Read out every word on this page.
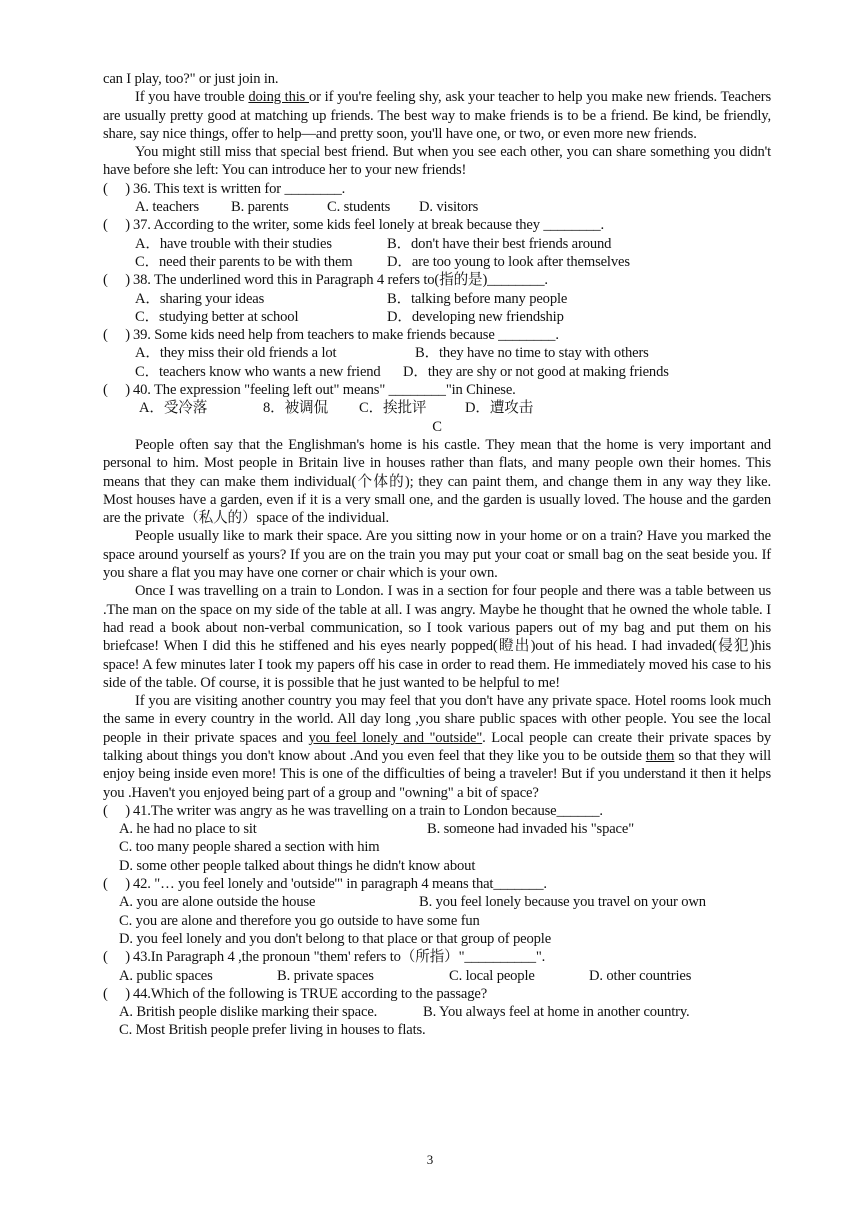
can I play, too?" or just join in.

If you have trouble doing this or if you're feeling shy, ask your teacher to help you make new friends. Teachers are usually pretty good at matching up friends. The best way to make friends is to be a friend. Be kind, be friendly, share, say nice things, offer to help—and pretty soon, you'll have one, or two, or even more new friends.

You might still miss that special best friend. But when you see each other, you can share something you didn't have before she left: You can introduce her to your new friends!

(     ) 36. This text is written for ________.

A. teachers	B. parents	C. students	D. visitors

(     ) 37. According to the writer, some kids feel lonely at break because they ________.

A．have trouble with their studies	B．don't have their best friends around
C．need their parents to be with them	D．are too young to look after themselves

(     ) 38. The underlined word this in Paragraph 4 refers to(指的是)________.

A．sharing your ideas	B．talking before many people
C．studying better at school	D．developing new friendship

(     ) 39. Some kids need help from teachers to make friends because ________.

A．they miss their old friends a lot	B．they have no time to stay with others
C．teachers know who wants a new friend	D．they are shy or not good at making friends

(     ) 40. The expression "feeling left out" means" ________"in Chinese.

A．受冷落	8．被调侃	C．挨批评	D．遭攻击

C

People often say that the Englishman's home is his castle. They mean that the home is very important and personal to him. Most people in Britain live in houses rather than flats, and many people own their homes. This means that they can make them individual(个体的); they can paint them, and change them in any way they like. Most houses have a garden, even if it is a very small one, and the garden is usually loved. The house and the garden are the private（私人的）space of the individual.

People usually like to mark their space. Are you sitting now in your home or on a train? Have you marked the space around yourself as yours? If you are on the train you may put your coat or small bag on the seat beside you. If you share a flat you may have one corner or chair which is your own.

Once I was travelling on a train to London. I was in a section for four people and there was a table between us .The man on the space on my side of the table at all. I was angry. Maybe he thought that he owned the whole table. I had read a book about non-verbal communication, so I took various papers out of my bag and put them on his briefcase! When I did this he stiffened and his eyes nearly popped(瞪出)out of his head. I had invaded(侵犯)his space! A few minutes later I took my papers off his case in order to read them. He immediately moved his case to his side of the table. Of course, it is possible that he just wanted to be helpful to me!

If you are visiting another country you may feel that you don't have any private space. Hotel rooms look much the same in every country in the world. All day long ,you share public spaces with other people. You see the local people in their private spaces and you feel lonely and "outside". Local people can create their private spaces by talking about things you don't know about .And you even feel that they like you to be outside them so that they will enjoy being inside even more! This is one of the difficulties of being a traveler! But if you understand it then it helps you .Haven't you enjoyed being part of a group and "owning" a bit of space?

(     ) 41.The writer was angry as he was travelling on a train to London because______.

A. he had no place to sit	B. someone had invaded his "space"
C. too many people shared a section with him
D. some other people talked about things he didn't know about

(     ) 42. "… you feel lonely and 'outside'" in paragraph 4 means that_______.

A. you are alone outside the house	B. you feel lonely because you travel on your own
C. you are alone and therefore you go outside to have some fun
D. you feel lonely and you don't belong to that place or that group of people

(     ) 43.In Paragraph 4 ,the pronoun "them' refers to（所指）"__________".

A. public spaces	B. private spaces	C. local people	D. other countries

(     ) 44.Which of the following is TRUE according to the passage?

A. British people dislike marking their space.	B. You always feel at home in another country.
C. Most British people prefer living in houses to flats.
3
